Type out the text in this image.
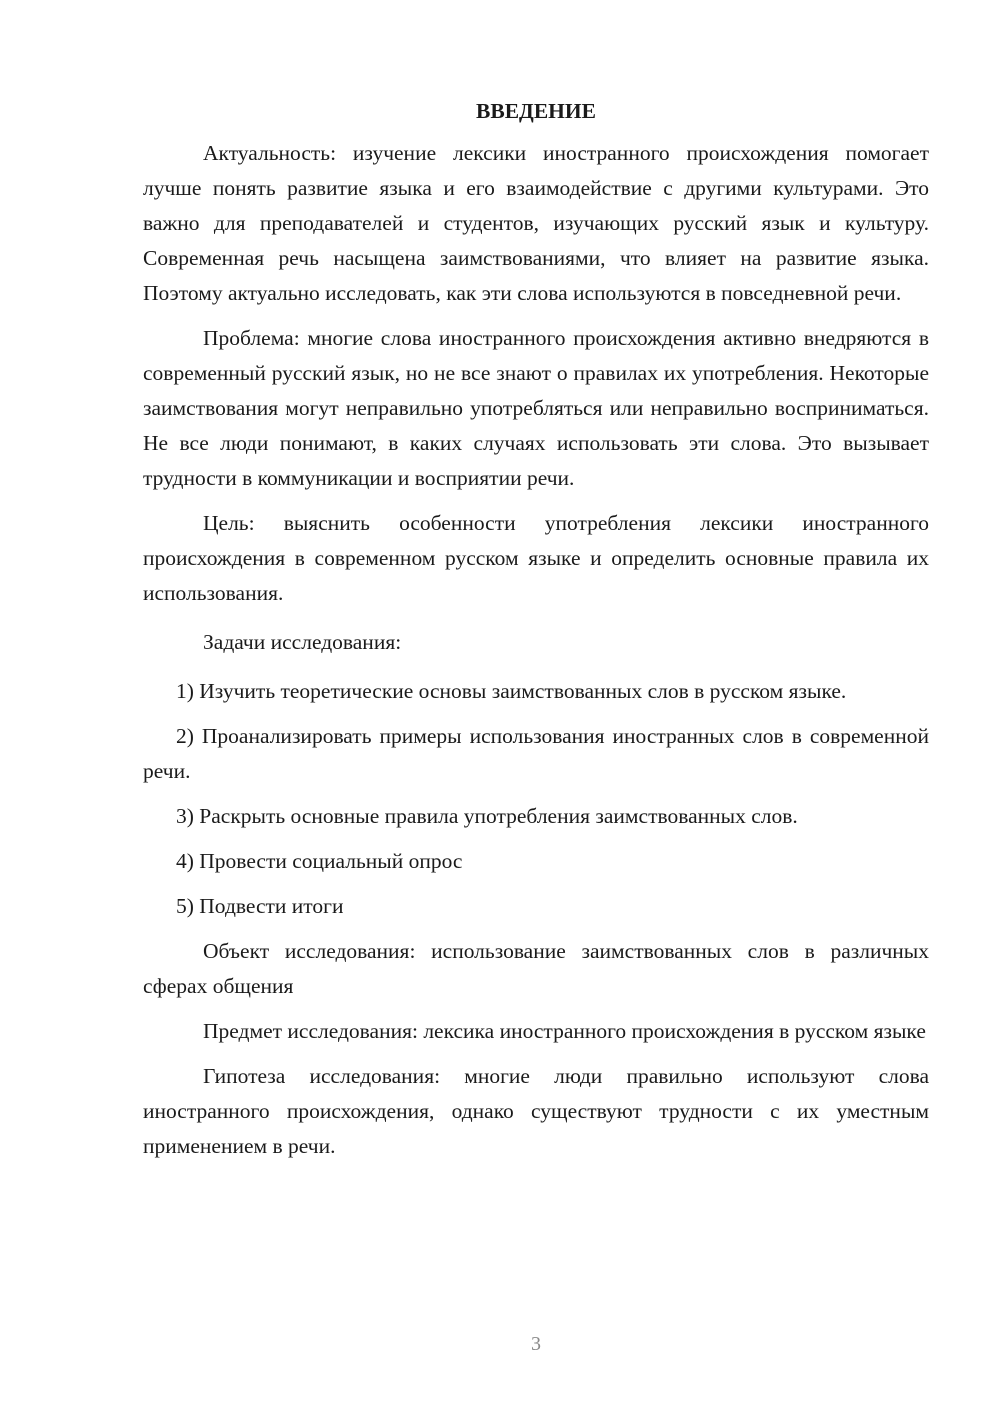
ВВЕДЕНИЕ

Актуальность: изучение лексики иностранного происхождения помогает лучше понять развитие языка и его взаимодействие с другими культурами. Это важно для преподавателей и студентов, изучающих русский язык и культуру. Современная речь насыщена заимствованиями, что влияет на развитие языка. Поэтому актуально исследовать, как эти слова используются в повседневной речи.

Проблема: многие слова иностранного происхождения активно внедряются в современный русский язык, но не все знают о правилах их употребления. Некоторые заимствования могут неправильно употребляться или неправильно восприниматься. Не все люди понимают, в каких случаях использовать эти слова. Это вызывает трудности в коммуникации и восприятии речи.

Цель: выяснить особенности употребления лексики иностранного происхождения в современном русском языке и определить основные правила их использования.

Задачи исследования:

1) Изучить теоретические основы заимствованных слов в русском языке.

2) Проанализировать примеры использования иностранных слов в современной речи.

3) Раскрыть основные правила употребления заимствованных слов.

4) Провести социальный опрос

5) Подвести итоги

Объект исследования: использование заимствованных слов в различных сферах общения

Предмет исследования: лексика иностранного происхождения в русском языке

Гипотеза исследования: многие люди правильно используют слова иностранного происхождения, однако существуют трудности с их уместным применением в речи.

3
